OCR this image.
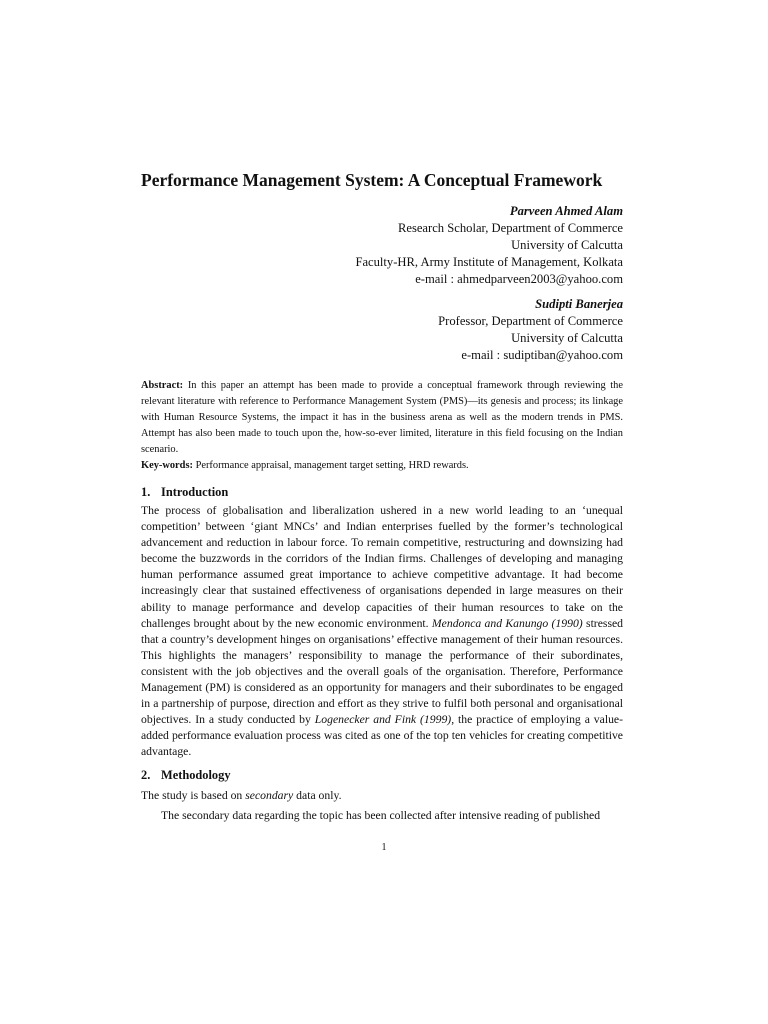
Performance Management System: A Conceptual Framework
Parveen Ahmed Alam
Research Scholar, Department of Commerce
University of Calcutta
Faculty-HR, Army Institute of Management, Kolkata
e-mail : ahmedparveen2003@yahoo.com
Sudipti Banerjea
Professor, Department of Commerce
University of Calcutta
e-mail : sudiptiban@yahoo.com
Abstract: In this paper an attempt has been made to provide a conceptual framework through reviewing the relevant literature with reference to Performance Management System (PMS)—its genesis and process; its linkage with Human Resource Systems, the impact it has in the business arena as well as the modern trends in PMS. Attempt has also been made to touch upon the, how-so-ever limited, literature in this field focusing on the Indian scenario.
Key-words: Performance appraisal, management target setting, HRD rewards.
1. Introduction
The process of globalisation and liberalization ushered in a new world leading to an ‘unequal competition’ between ‘giant MNCs’ and Indian enterprises fuelled by the former’s technological advancement and reduction in labour force. To remain competitive, restructuring and downsizing had become the buzzwords in the corridors of the Indian firms. Challenges of developing and managing human performance assumed great importance to achieve competitive advantage. It had become increasingly clear that sustained effectiveness of organisations depended in large measures on their ability to manage performance and develop capacities of their human resources to take on the challenges brought about by the new economic environment. Mendonca and Kanungo (1990) stressed that a country’s development hinges on organisations’ effective management of their human resources. This highlights the managers’ responsibility to manage the performance of their subordinates, consistent with the job objectives and the overall goals of the organisation. Therefore, Performance Management (PM) is considered as an opportunity for managers and their subordinates to be engaged in a partnership of purpose, direction and effort as they strive to fulfil both personal and organisational objectives. In a study conducted by Logenecker and Fink (1999), the practice of employing a value-added performance evaluation process was cited as one of the top ten vehicles for creating competitive advantage.
2. Methodology
The study is based on secondary data only.
The secondary data regarding the topic has been collected after intensive reading of published
1
